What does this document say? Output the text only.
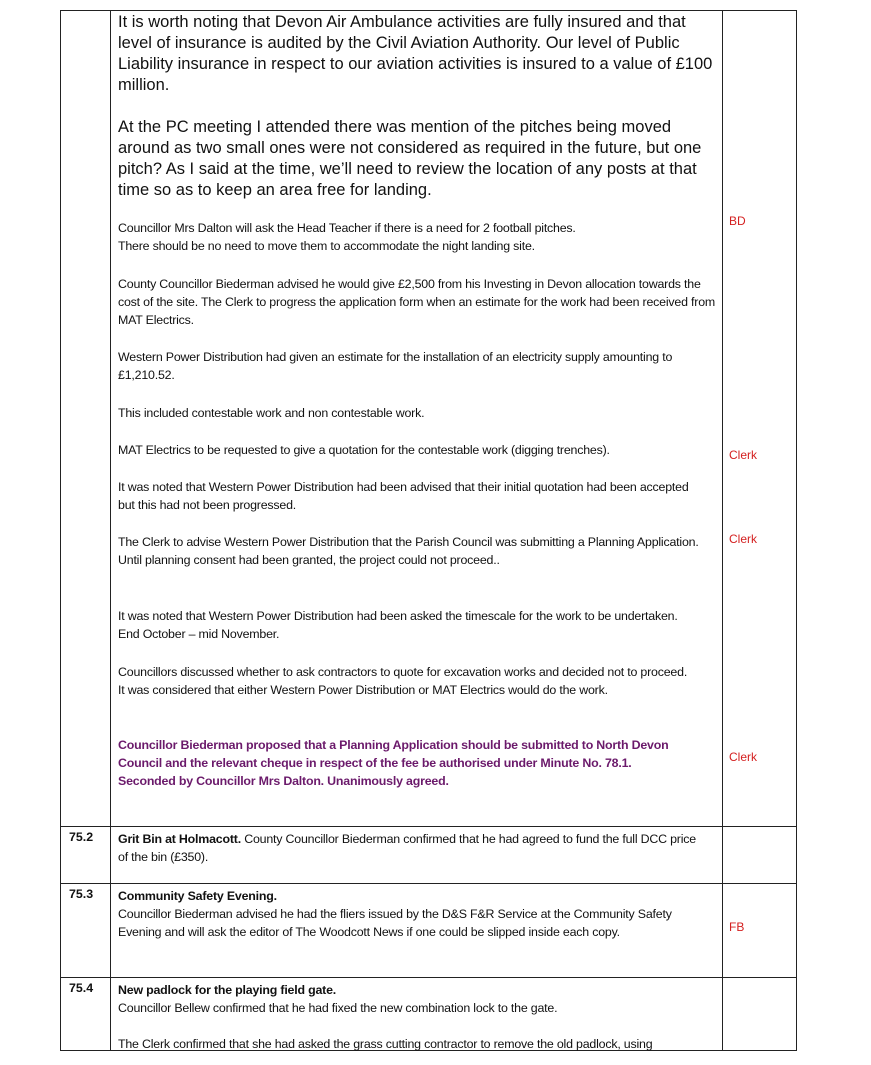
It is worth noting that Devon Air Ambulance activities are fully insured and that level of insurance is audited by the Civil Aviation Authority. Our level of Public Liability insurance in respect to our aviation activities is insured to a value of £100 million.

At the PC meeting I attended there was mention of the pitches being moved around as two small ones were not considered as required in the future, but one pitch? As I said at the time, we’ll need to review the location of any posts at that time so as to keep an area free for landing.

Councillor Mrs Dalton will ask the Head Teacher if there is a need for 2 football pitches.

There should be no need to move them to accommodate the night landing site.

County Councillor Biederman advised he would give £2,500 from his Investing in Devon allocation towards the cost of the site. The Clerk to progress the application form when an estimate for the work had been received from MAT Electrics.

Western Power Distribution had given an estimate for the installation of an electricity supply amounting to £1,210.52.

This included contestable work and non contestable work.

MAT Electrics to be requested to give a quotation for the contestable work (digging trenches).

It was noted that Western Power Distribution had been advised that their initial quotation had been accepted but this had not been progressed.

The Clerk to advise Western Power Distribution that the Parish Council was submitting a Planning Application.

Until planning consent had been granted, the project could not proceed..

It was noted that Western Power Distribution had been asked the timescale for the work to be undertaken. End October – mid November.

Councillors discussed whether to ask contractors to quote for excavation works and decided not to proceed.

It was considered that either Western Power Distribution or MAT Electrics would do the work.

Councillor Biederman proposed that a Planning Application should be submitted to North Devon Council and the relevant cheque in respect of the fee be authorised under Minute No. 78.1.

Seconded by Councillor Mrs Dalton. Unanimously agreed.

BD
Clerk
Clerk
Clerk
75.2 Grit Bin at Holmacott. County Councillor Biederman confirmed that he had agreed to fund the full DCC price of the bin (£350).
75.3 Community Safety Evening.

Councillor Biederman advised he had the fliers issued by the D&S F&R Service at the Community Safety Evening and will ask the editor of The Woodcott News if one could be slipped inside each copy.	FB
75.4 New padlock for the playing field gate.

Councillor Bellew confirmed that he had fixed the new combination lock to the gate.

The Clerk confirmed that she had asked the grass cutting contractor to remove the old padlock, using
